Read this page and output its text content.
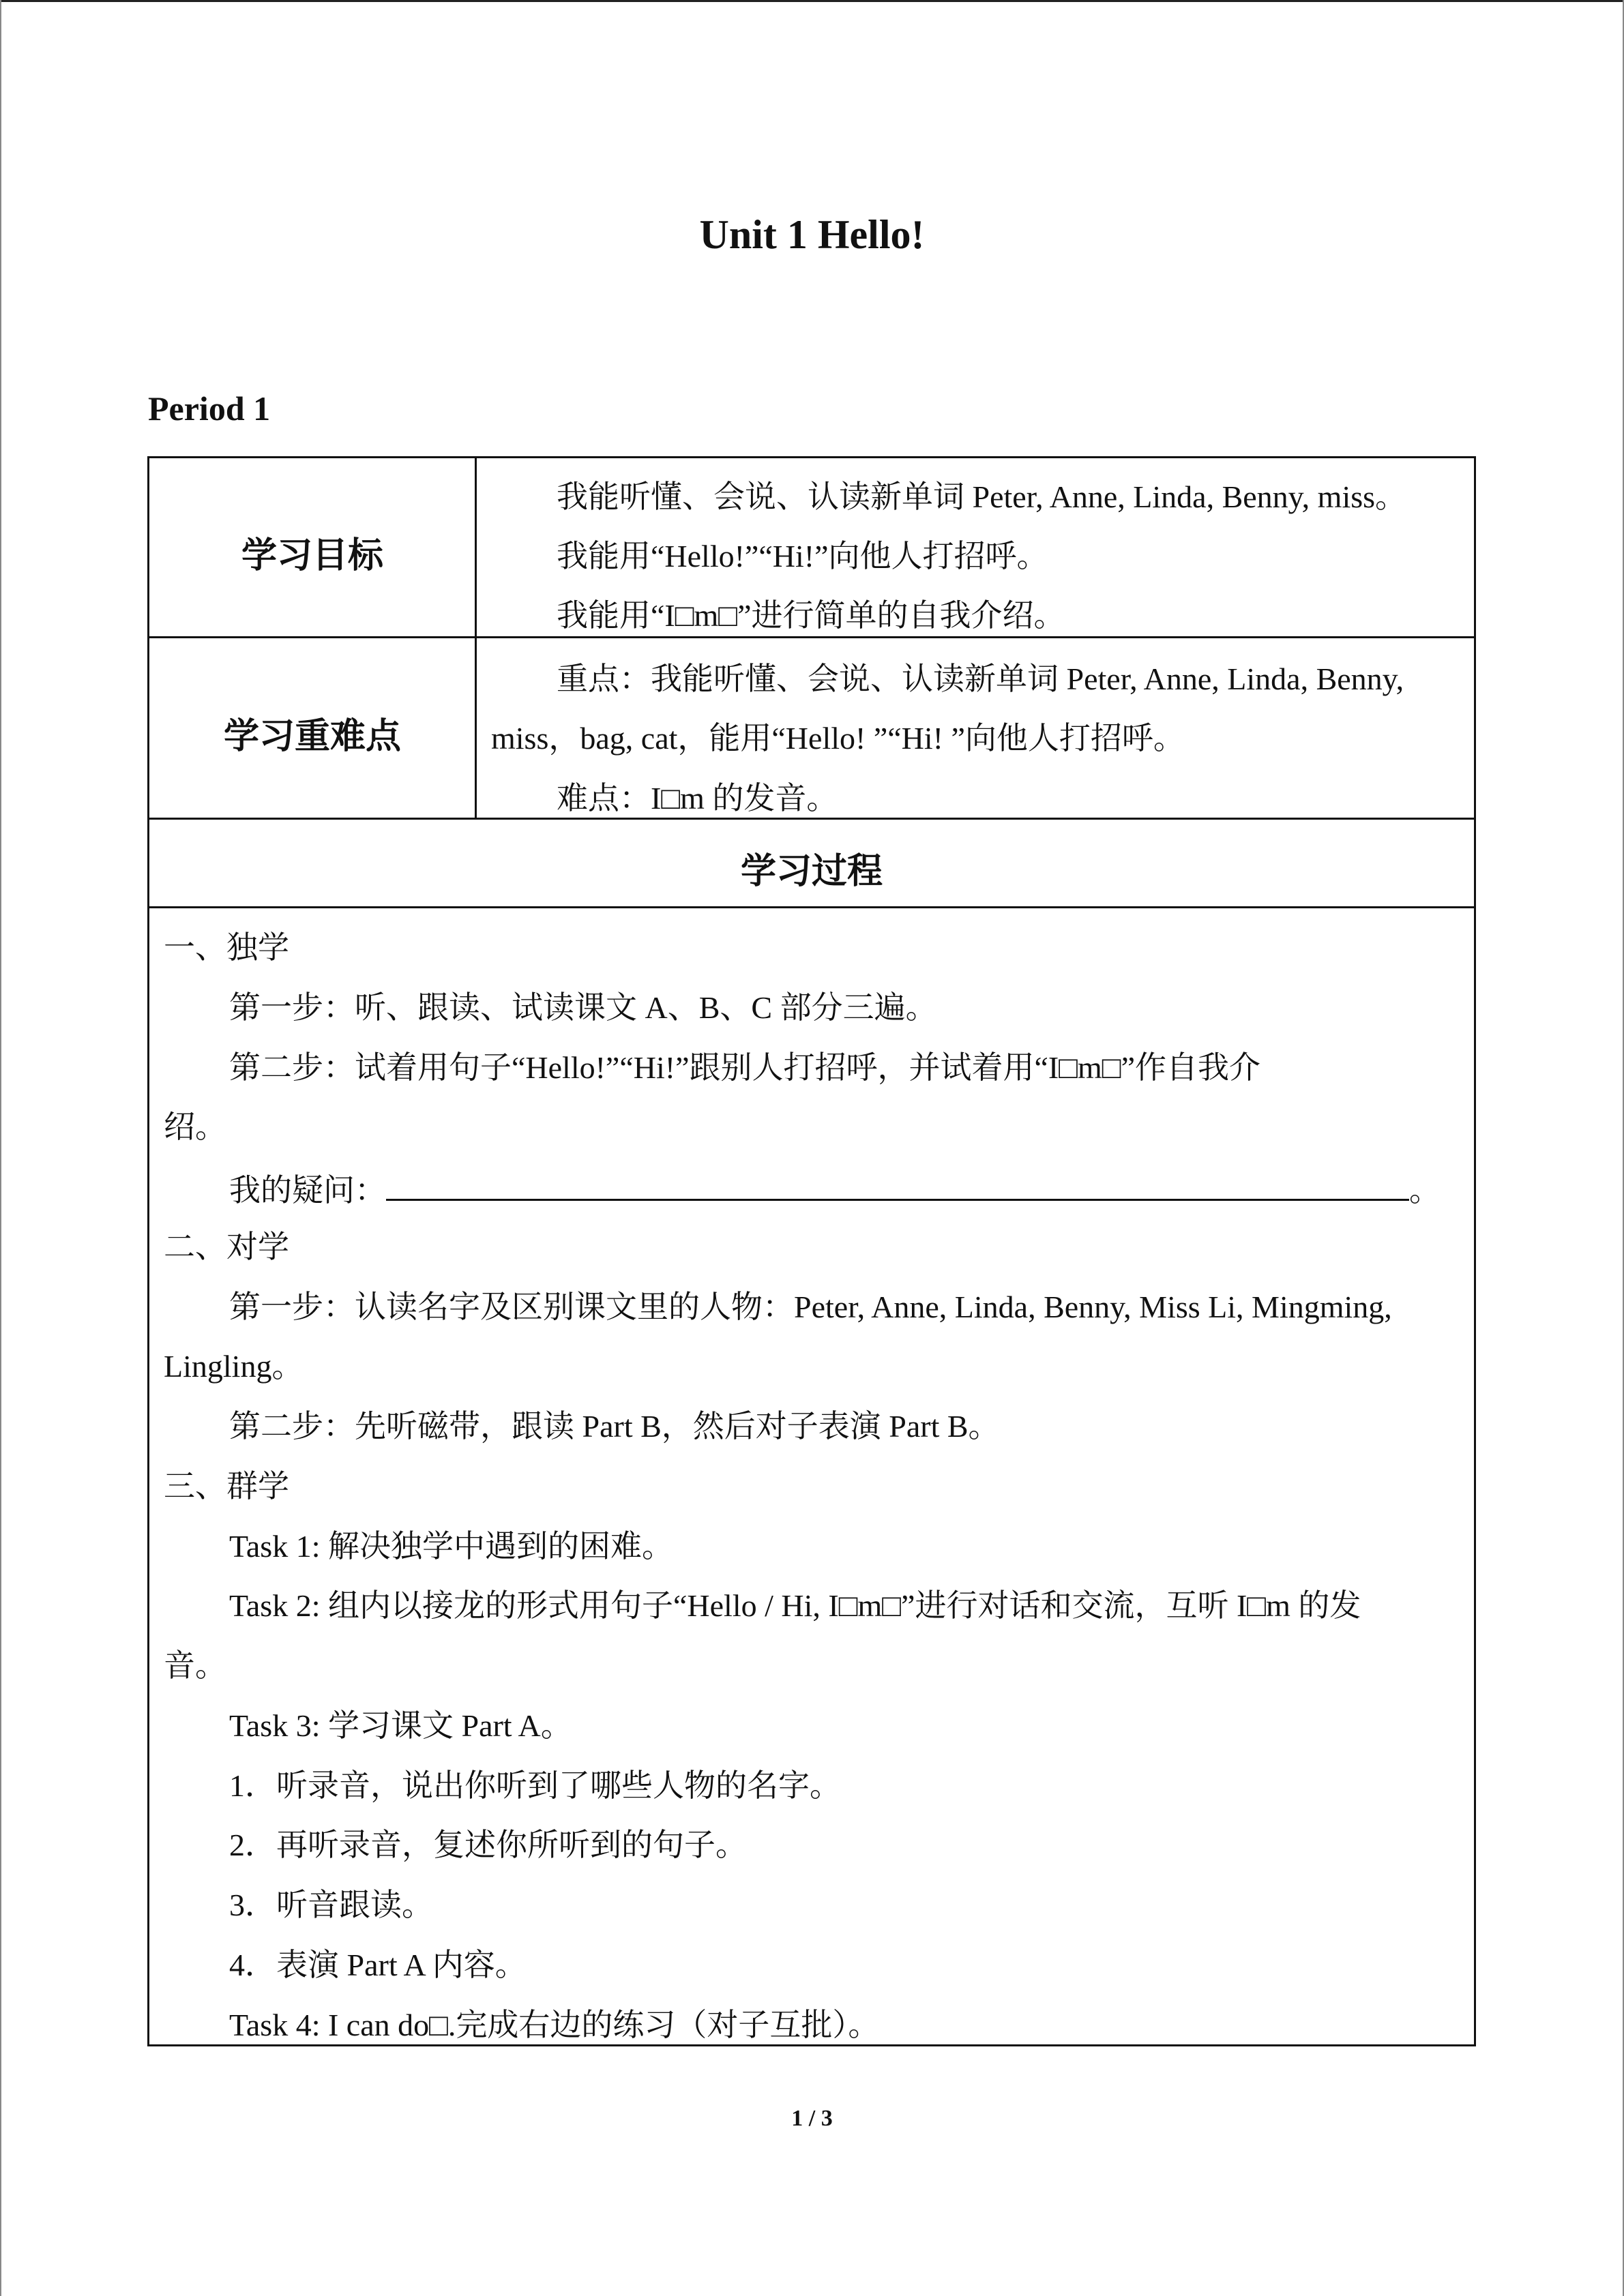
Unit 1 Hello!
Period 1
学习目标
我能听懂、会说、认读新单词 Peter, Anne, Linda, Benny, miss。
我能用“Hello!”“Hi!”向他人打招呼。
我能用“I□m□”进行简单的自我介绍。
学习重难点
重点：我能听懂、会说、认读新单词 Peter, Anne, Linda, Benny,
miss，bag, cat，能用“Hello! ”“Hi! ”向他人打招呼。
难点：I□m 的发音。
学习过程
一、独学
第一步：听、跟读、试读课文 A、B、C 部分三遍。
第二步：试着用句子“Hello!”“Hi!”跟别人打招呼，并试着用“I□m□”作自我介
绍。
我的疑问：	。
二、对学
第一步：认读名字及区别课文里的人物：Peter, Anne, Linda, Benny, Miss Li, Mingming,
Lingling。
第二步：先听磁带，跟读 Part B，然后对子表演 Part B。
三、群学
Task 1: 解决独学中遇到的困难。
Task 2: 组内以接龙的形式用句子“Hello / Hi, I□m□”进行对话和交流，互听 I□m 的发
音。
Task 3: 学习课文 Part A。
1．听录音，说出你听到了哪些人物的名字。
2．再听录音，复述你所听到的句子。
3．听音跟读。
4．表演 Part A 内容。
Task 4: I can do□.完成右边的练习（对子互批）。
1 / 3
